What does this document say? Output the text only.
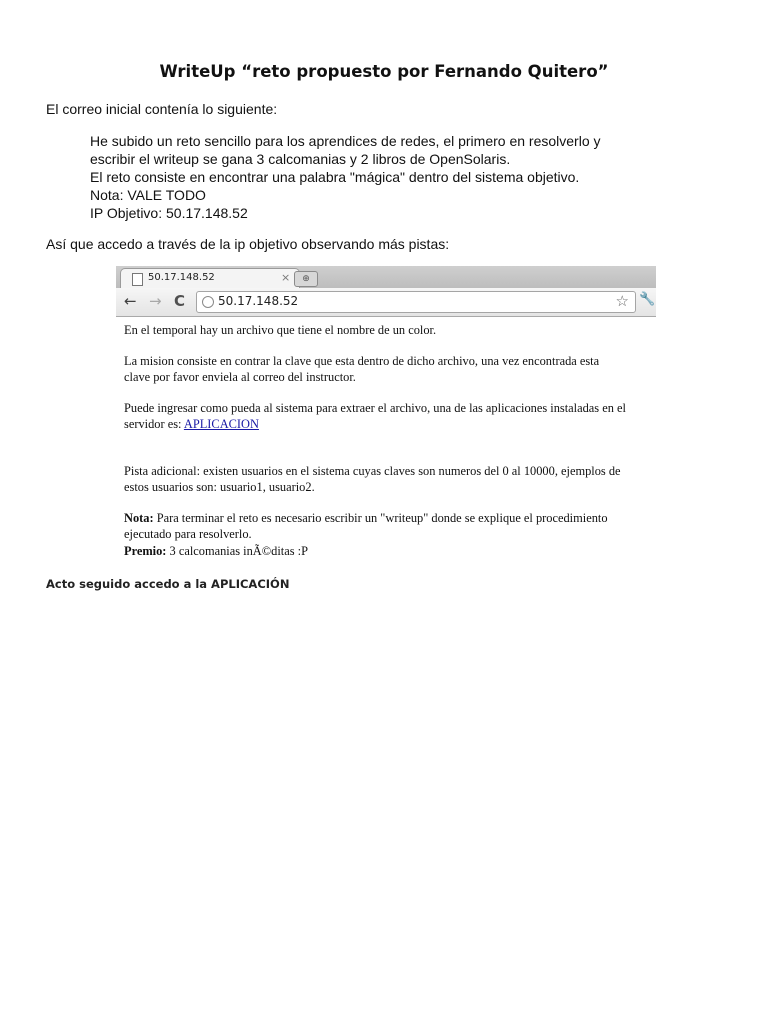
WriteUp “reto propuesto por Fernando Quitero”
El correo inicial contenía lo siguiente:
He subido un reto sencillo para los aprendices de redes, el primero en resolverlo y
escribir el writeup se gana 3 calcomanias y 2 libros de OpenSolaris.
El reto consiste en encontrar una palabra "mágica" dentro del sistema objetivo.
Nota: VALE TODO
IP Objetivo: 50.17.148.52
Así que accedo a través de la ip objetivo observando más pistas:
50.17.148.52	×	⊕
← → C	50.17.148.52	☆ 🔧
En el temporal hay un archivo que tiene el nombre de un color.
La mision consiste en contrar la clave que esta dentro de dicho archivo, una vez encontrada esta
clave por favor enviela al correo del instructor.
Puede ingresar como pueda al sistema para extraer el archivo, una de las aplicaciones instaladas en el
servidor es: APLICACION
Pista adicional: existen usuarios en el sistema cuyas claves son numeros del 0 al 10000, ejemplos de
estos usuarios son: usuario1, usuario2.
Nota: Para terminar el reto es necesario escribir un "writeup" donde se explique el procedimiento
ejecutado para resolverlo.
Premio: 3 calcomanias inÃ©ditas :P
Acto seguido accedo a la APLICACIÓN
